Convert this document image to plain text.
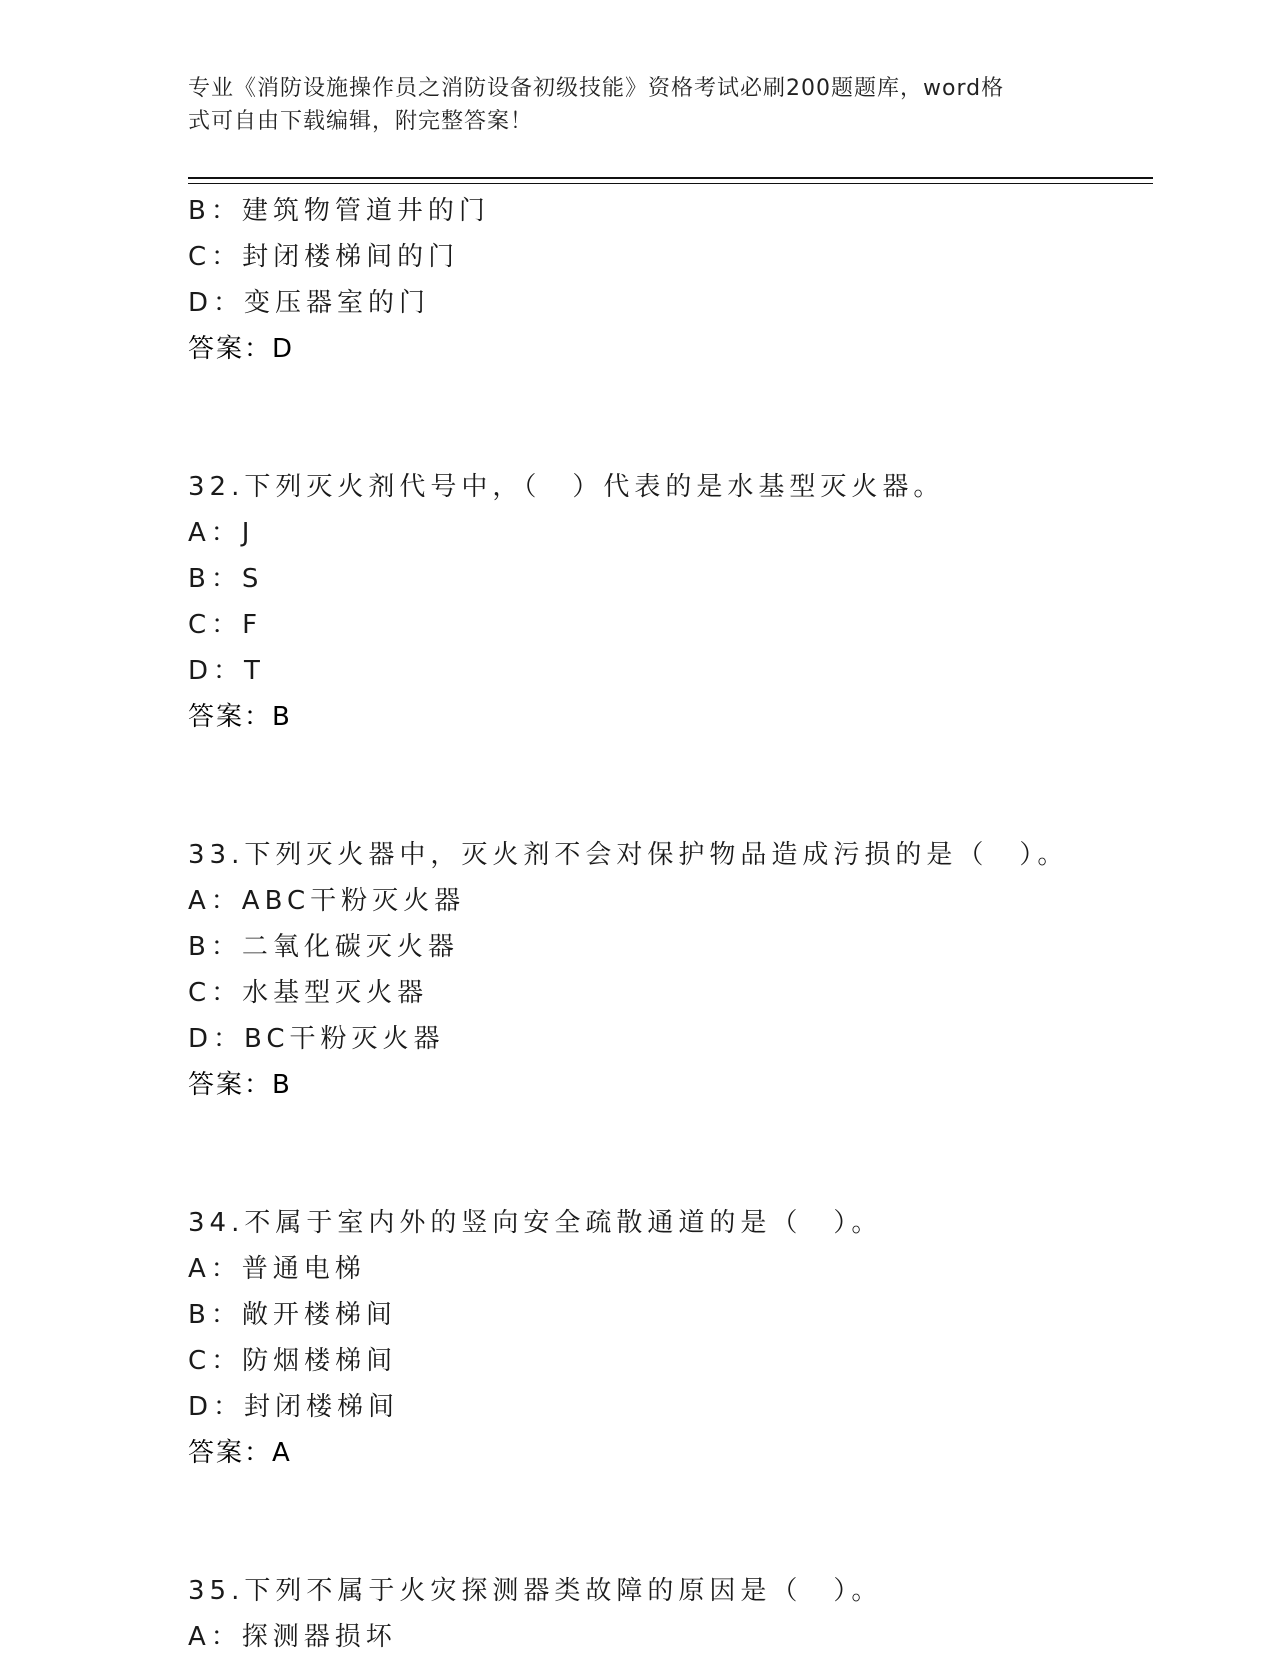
专业《消防设施操作员之消防设备初级技能》资格考试必刷200题题库，word格
式可自由下载编辑，附完整答案！
B：建筑物管道井的门
C：封闭楼梯间的门
D：变压器室的门
答案：D
32.下列灭火剂代号中，（　）代表的是水基型灭火器。
A：J
B：S
C：F
D：T
答案：B
33.下列灭火器中，灭火剂不会对保护物品造成污损的是（　）。
A：ABC干粉灭火器
B：二氧化碳灭火器
C：水基型灭火器
D：BC干粉灭火器
答案：B
34.不属于室内外的竖向安全疏散通道的是（　）。
A：普通电梯
B：敞开楼梯间
C：防烟楼梯间
D：封闭楼梯间
答案：A
35.下列不属于火灾探测器类故障的原因是（　）。
A：探测器损坏
